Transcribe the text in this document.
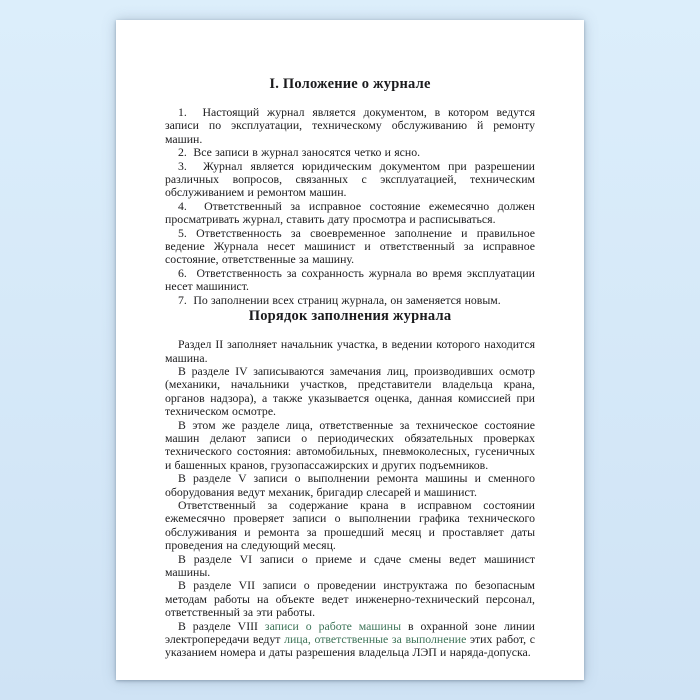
I. Положение о журнале

1.  Настоящий журнал является документом, в котором ведутся записи по эксплуатации, техническому обслуживанию й ремонту машин.

2.  Все записи в журнал заносятся четко и ясно.

3.  Журнал является юридическим документом при разрешении различных вопросов, связанных с эксплуатацией, техническим обслуживанием и ремонтом машин.

4.  Ответственный за исправное состояние ежемесячно должен просматривать журнал, ставить дату просмотра и расписываться.

5. Ответственность за своевременное заполнение и правильное ведение Журнала несет машинист и ответственный за исправное состояние, ответственные за машину.

6.  Ответственность за сохранность журнала во время эксплуатации несет машинист.

7.  По заполнении всех страниц журнала, он заменяется новым.

Порядок заполнения журнала

Раздел II заполняет начальник участка, в ведении которого находится машина.

В разделе IV записываются замечания лиц, производивших осмотр (механики, начальники участков, представители владельца крана, органов надзора), а также указывается оценка, данная комиссией при техническом осмотре.

В этом же разделе лица, ответственные за техническое состояние машин делают записи о периодических обязательных проверках технического состояния: автомобильных, пневмоколесных, гусеничных и башенных кранов, грузопассажирских и других подъемников.

В разделе V записи о выполнении ремонта машины и сменного оборудования ведут механик, бригадир слесарей и машинист.

Ответственный за содержание крана в исправном состоянии ежемесячно проверяет записи о выполнении графика технического обслуживания и ремонта за прошедший месяц и проставляет даты проведения на следующий месяц.

В разделе VI записи о приеме и сдаче смены ведет машинист машины.

В разделе VII записи о проведении инструктажа по безопасным методам работы на объекте ведет инженерно-технический персонал, ответственный за эти работы.

В разделе VIII записи о работе машины в охранной зоне линии электропередачи ведут лица, ответственные за выполнение этих работ, с указанием номера и даты разрешения владельца ЛЭП и наряда-допуска.
